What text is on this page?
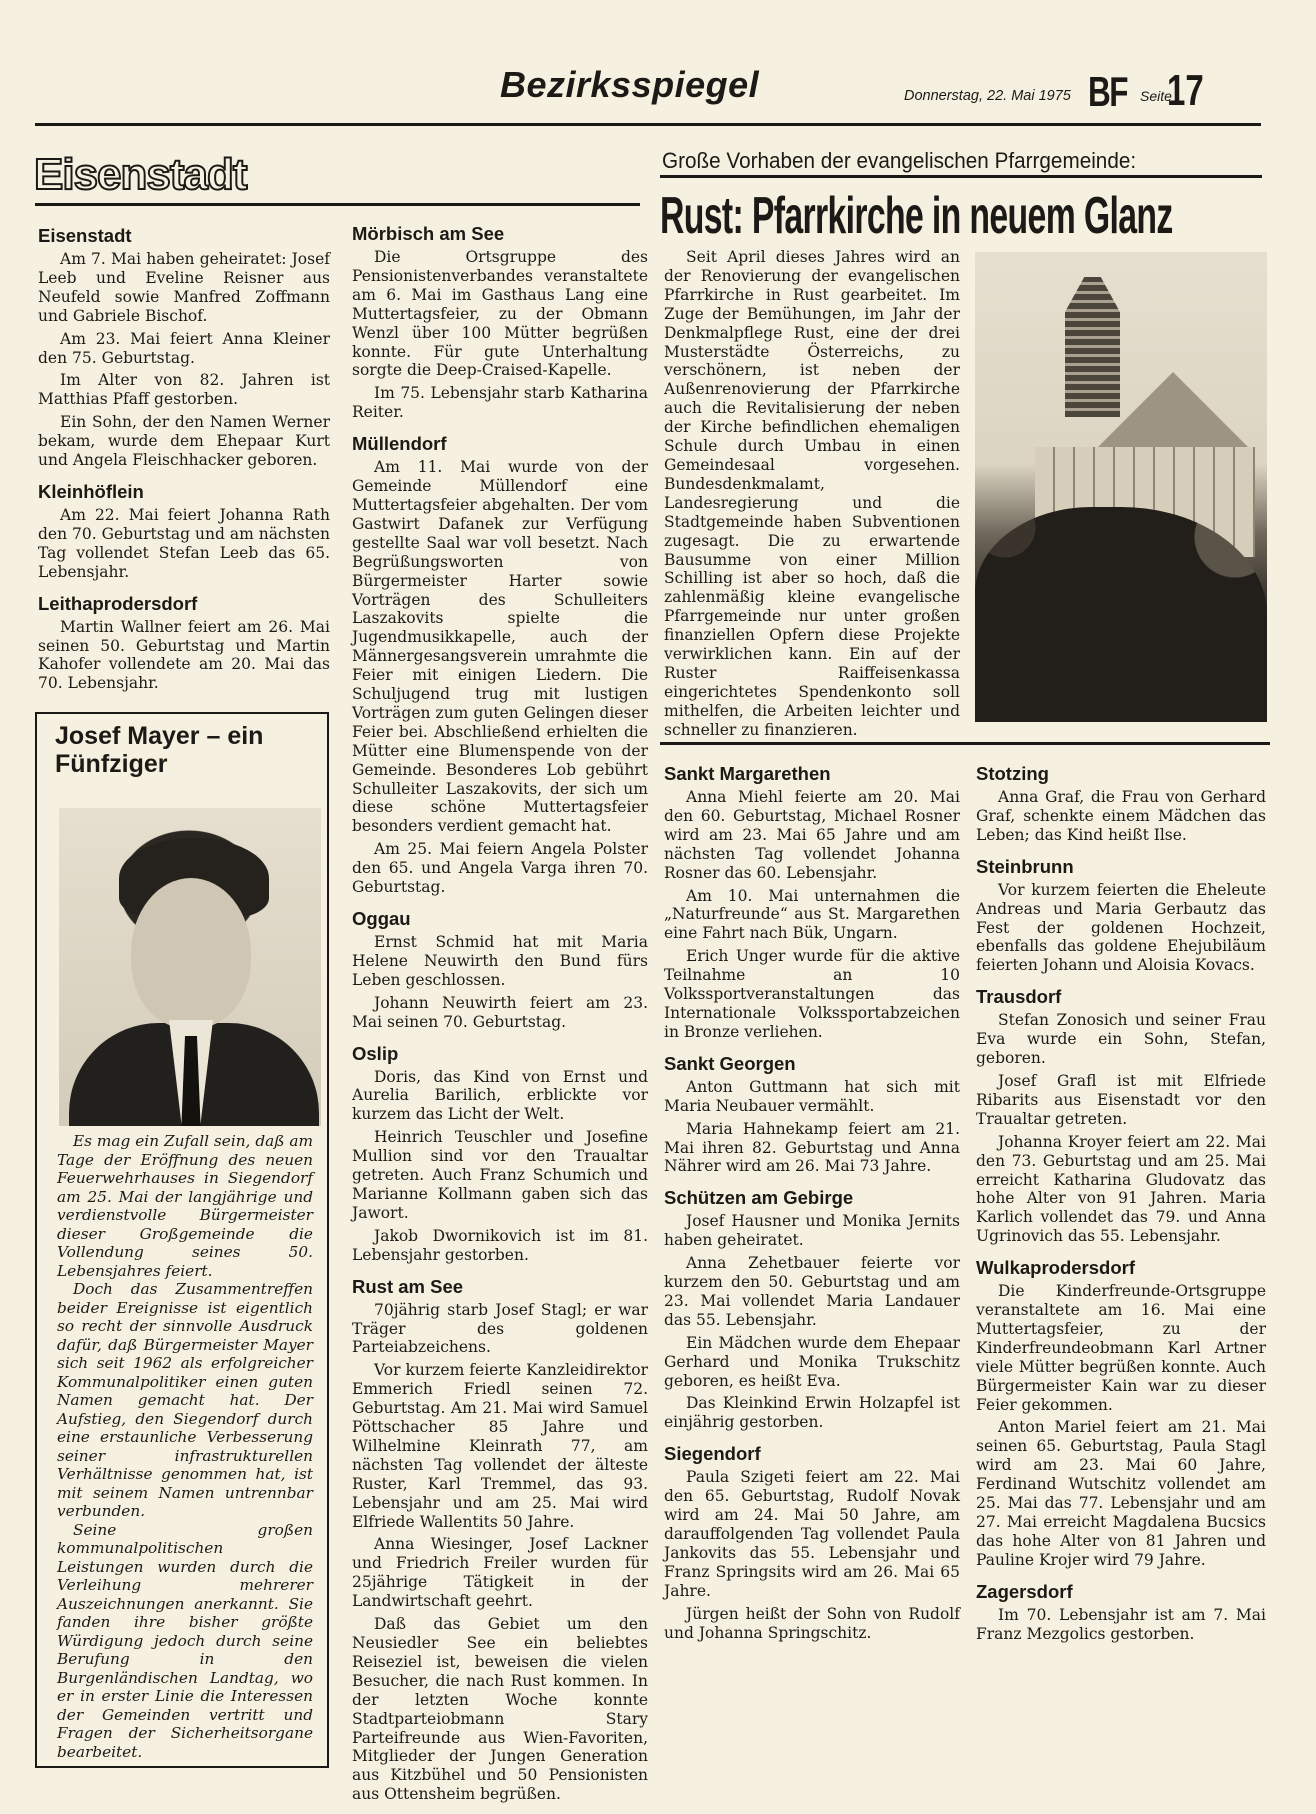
Bezirksspiegel	Donnerstag, 22. Mai 1975 BF Seite
17
Eisenstadt	Große Vorhaben der evangelischen Pfarrgemeinde:
Rust: Pfarrkirche in neuem Glanz
Eisenstadt

Am 7. Mai haben geheiratet: Josef Leeb und Eveline Reisner aus Neufeld sowie Manfred Zoffmann und Gabriele Bischof.

Am 23. Mai feiert Anna Kleiner den 75. Geburtstag.

Im Alter von 82. Jahren ist Matthias Pfaff gestorben.

Ein Sohn, der den Namen Werner bekam, wurde dem Ehepaar Kurt und Angela Fleischhacker geboren.

Kleinhöflein

Am 22. Mai feiert Johanna Rath den 70. Geburtstag und am nächsten Tag vollendet Stefan Leeb das 65. Lebensjahr.

Leithaprodersdorf

Martin Wallner feiert am 26. Mai seinen 50. Geburtstag und Martin Kahofer vollendete am 20. Mai das 70. Lebensjahr.

Josef Mayer – ein Fünfziger

Es mag ein Zufall sein, daß am Tage der Eröffnung des neuen Feuerwehrhauses in Siegendorf am 25. Mai der langjährige und verdienstvolle Bürgermeister dieser Großgemeinde die Vollendung seines 50. Lebensjahres feiert.

Doch das Zusammentreffen beider Ereignisse ist eigentlich so recht der sinnvolle Ausdruck dafür, daß Bürgermeister Mayer sich seit 1962 als erfolgreicher Kommunalpolitiker einen guten Namen gemacht hat. Der Aufstieg, den Siegendorf durch eine erstaunliche Verbesserung seiner infrastrukturellen Verhältnisse genommen hat, ist mit seinem Namen untrennbar verbunden.

Seine großen kommunalpolitischen Leistungen wurden durch die Verleihung mehrerer Auszeichnungen anerkannt. Sie fanden ihre bisher größte Würdigung jedoch durch seine Berufung in den Burgenländischen Landtag, wo er in erster Linie die Interessen der Gemeinden vertritt und Fragen der Sicherheitsorgane bearbeitet.

Mörbisch am See

Die Ortsgruppe des Pensionistenverbandes veranstaltete am 6. Mai im Gasthaus Lang eine Muttertagsfeier, zu der Obmann Wenzl über 100 Mütter begrüßen konnte. Für gute Unterhaltung sorgte die Deep-Craised-Kapelle.

Im 75. Lebensjahr starb Katharina Reiter.

Müllendorf

Am 11. Mai wurde von der Gemeinde Müllendorf eine Muttertagsfeier abgehalten. Der vom Gastwirt Dafanek zur Verfügung gestellte Saal war voll besetzt. Nach Begrüßungsworten von Bürgermeister Harter sowie Vorträgen des Schulleiters Laszakovits spielte die Jugendmusikkapelle, auch der Männergesangsverein umrahmte die Feier mit einigen Liedern. Die Schuljugend trug mit lustigen Vorträgen zum guten Gelingen dieser Feier bei. Abschließend erhielten die Mütter eine Blumenspende von der Gemeinde. Besonderes Lob gebührt Schulleiter Laszakovits, der sich um diese schöne Muttertagsfeier besonders verdient gemacht hat.

Am 25. Mai feiern Angela Polster den 65. und Angela Varga ihren 70. Geburtstag.

Oggau

Ernst Schmid hat mit Maria Helene Neuwirth den Bund fürs Leben geschlossen.

Johann Neuwirth feiert am 23. Mai seinen 70. Geburtstag.

Oslip

Doris, das Kind von Ernst und Aurelia Barilich, erblickte vor kurzem das Licht der Welt.

Heinrich Teuschler und Josefine Mullion sind vor den Traualtar getreten. Auch Franz Schumich und Marianne Kollmann gaben sich das Jawort.

Jakob Dwornikovich ist im 81. Lebensjahr gestorben.

Rust am See

70jährig starb Josef Stagl; er war Träger des goldenen Parteiabzeichens.

Vor kurzem feierte Kanzleidirektor Emmerich Friedl seinen 72. Geburtstag. Am 21. Mai wird Samuel Pöttschacher 85 Jahre und Wilhelmine Kleinrath 77, am nächsten Tag vollendet der älteste Ruster, Karl Tremmel, das 93. Lebensjahr und am 25. Mai wird Elfriede Wallentits 50 Jahre.

Anna Wiesinger, Josef Lackner und Friedrich Freiler wurden für 25jährige Tätigkeit in der Landwirtschaft geehrt.

Daß das Gebiet um den Neusiedler See ein beliebtes Reiseziel ist, beweisen die vielen Besucher, die nach Rust kommen. In der letzten Woche konnte Stadtparteiobmann Stary Parteifreunde aus Wien-Favoriten, Mitglieder der Jungen Generation aus Kitzbühel und 50 Pensionisten aus Ottensheim begrüßen.

Seit April dieses Jahres wird an der Renovierung der evangelischen Pfarrkirche in Rust gearbeitet. Im Zuge der Bemühungen, im Jahr der Denkmalpflege Rust, eine der drei Musterstädte Österreichs, zu verschönern, ist neben der Außenrenovierung der Pfarrkirche auch die Revitalisierung der neben der Kirche befindlichen ehemaligen Schule durch Umbau in einen Gemeindesaal vorgesehen. Bundesdenkmalamt, Landesregierung und die Stadtgemeinde haben Subventionen zugesagt. Die zu erwartende Bausumme von einer Million Schilling ist aber so hoch, daß die zahlenmäßig kleine evangelische Pfarrgemeinde nur unter großen finanziellen Opfern diese Projekte verwirklichen kann. Ein auf der Ruster Raiffeisenkassa eingerichtetes Spendenkonto soll mithelfen, die Arbeiten leichter und schneller zu finanzieren.

Sankt Margarethen

Anna Miehl feierte am 20. Mai den 60. Geburtstag, Michael Rosner wird am 23. Mai 65 Jahre und am nächsten Tag vollendet Johanna Rosner das 60. Lebensjahr.

Am 10. Mai unternahmen die „Naturfreunde“ aus St. Margarethen eine Fahrt nach Bük, Ungarn.

Erich Unger wurde für die aktive Teilnahme an 10 Volkssportveranstaltungen das Internationale Volkssportabzeichen in Bronze verliehen.

Sankt Georgen

Anton Guttmann hat sich mit Maria Neubauer vermählt.

Maria Hahnekamp feiert am 21. Mai ihren 82. Geburtstag und Anna Nährer wird am 26. Mai 73 Jahre.

Schützen am Gebirge

Josef Hausner und Monika Jernits haben geheiratet.

Anna Zehetbauer feierte vor kurzem den 50. Geburtstag und am 23. Mai vollendet Maria Landauer das 55. Lebensjahr.

Ein Mädchen wurde dem Ehepaar Gerhard und Monika Trukschitz geboren, es heißt Eva.

Das Kleinkind Erwin Holzapfel ist einjährig gestorben.

Siegendorf

Paula Szigeti feiert am 22. Mai den 65. Geburtstag, Rudolf Novak wird am 24. Mai 50 Jahre, am darauffolgenden Tag vollendet Paula Jankovits das 55. Lebensjahr und Franz Springsits wird am 26. Mai 65 Jahre.

Jürgen heißt der Sohn von Rudolf und Johanna Springschitz.

Stotzing

Anna Graf, die Frau von Gerhard Graf, schenkte einem Mädchen das Leben; das Kind heißt Ilse.

Steinbrunn

Vor kurzem feierten die Eheleute Andreas und Maria Gerbautz das Fest der goldenen Hochzeit, ebenfalls das goldene Ehejubiläum feierten Johann und Aloisia Kovacs.

Trausdorf

Stefan Zonosich und seiner Frau Eva wurde ein Sohn, Stefan, geboren.

Josef Grafl ist mit Elfriede Ribarits aus Eisenstadt vor den Traualtar getreten.

Johanna Kroyer feiert am 22. Mai den 73. Geburtstag und am 25. Mai erreicht Katharina Gludovatz das hohe Alter von 91 Jahren. Maria Karlich vollendet das 79. und Anna Ugrinovich das 55. Lebensjahr.

Wulkaprodersdorf

Die Kinderfreunde-Ortsgruppe veranstaltete am 16. Mai eine Muttertagsfeier, zu der Kinderfreundeobmann Karl Artner viele Mütter begrüßen konnte. Auch Bürgermeister Kain war zu dieser Feier gekommen.

Anton Mariel feiert am 21. Mai seinen 65. Geburtstag, Paula Stagl wird am 23. Mai 60 Jahre, Ferdinand Wutschitz vollendet am 25. Mai das 77. Lebensjahr und am 27. Mai erreicht Magdalena Bucsics das hohe Alter von 81 Jahren und Pauline Krojer wird 79 Jahre.

Zagersdorf

Im 70. Lebensjahr ist am 7. Mai Franz Mezgolics gestorben.
